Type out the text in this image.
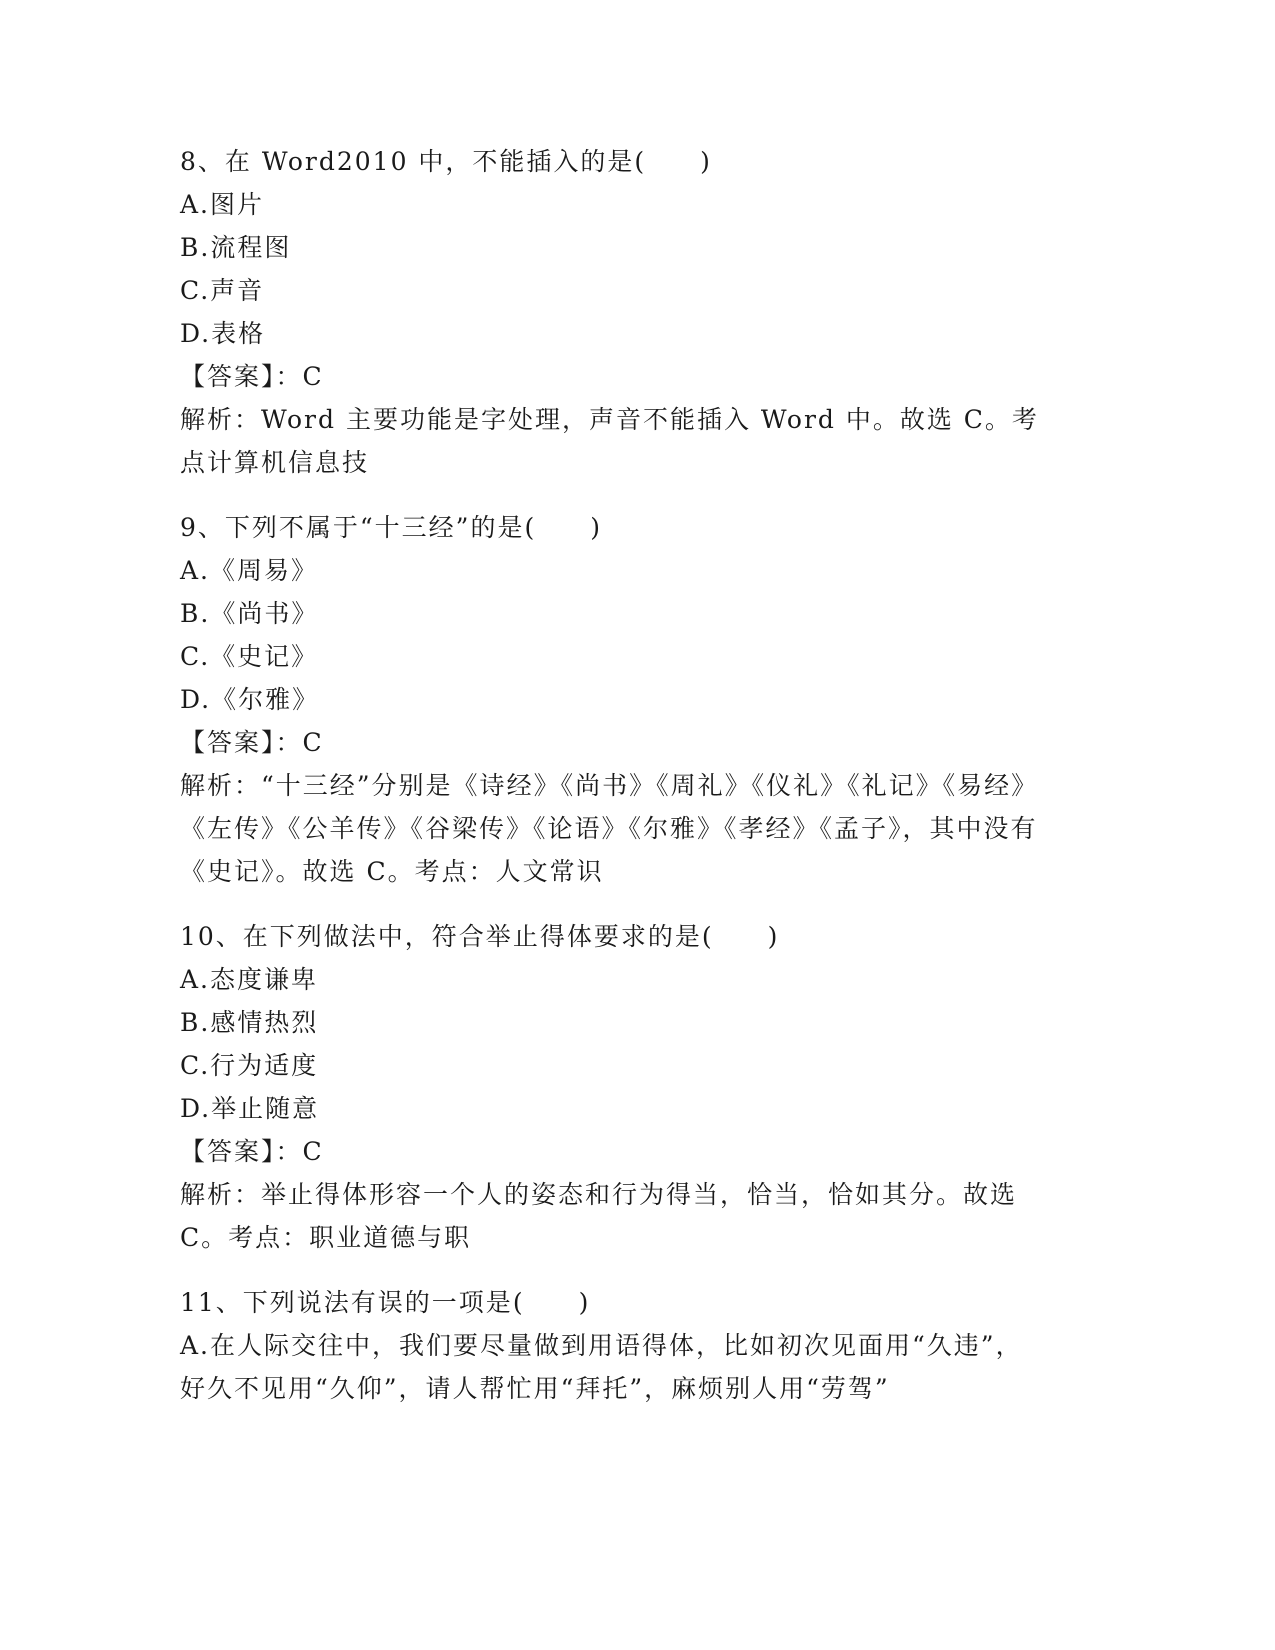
8、在 Word2010 中，不能插入的是(　　)

A.图片

B.流程图

C.声音

D.表格

【答案】：C

解析：Word 主要功能是字处理，声音不能插入 Word 中。故选 C。考点计算机信息技

9、下列不属于“十三经”的是(　　)

A.《周易》

B.《尚书》

C.《史记》

D.《尔雅》

【答案】：C

解析：“十三经”分别是《诗经》《尚书》《周礼》《仪礼》《礼记》《易经》《左传》《公羊传》《谷梁传》《论语》《尔雅》《孝经》《孟子》，其中没有《史记》。故选 C。考点：人文常识

10、在下列做法中，符合举止得体要求的是(　　)

A.态度谦卑

B.感情热烈

C.行为适度

D.举止随意

【答案】：C

解析：举止得体形容一个人的姿态和行为得当，恰当，恰如其分。故选 C。考点：职业道德与职

11、下列说法有误的一项是(　　)

A.在人际交往中，我们要尽量做到用语得体，比如初次见面用“久违”，好久不见用“久仰”，请人帮忙用“拜托”，麻烦别人用“劳驾”
